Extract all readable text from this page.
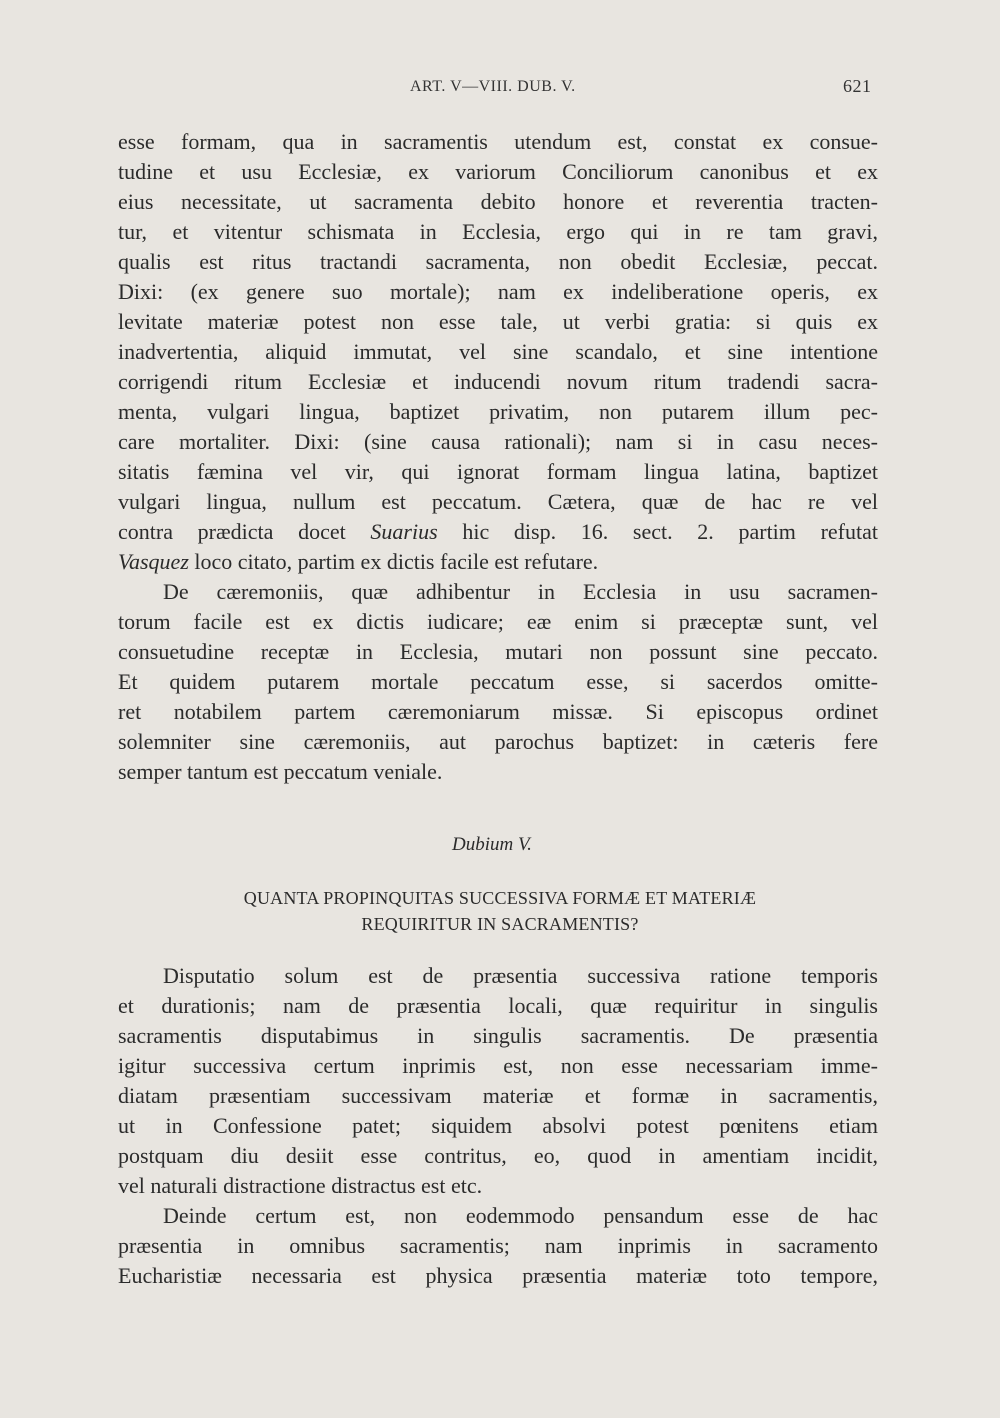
ART. V—VIII. DUB. V.	621
esse formam, qua in sacramentis utendum est, constat ex consue-
tudine et usu Ecclesiæ, ex variorum Conciliorum canonibus et ex
eius necessitate, ut sacramenta debito honore et reverentia tracten-
tur, et vitentur schismata in Ecclesia, ergo qui in re tam gravi,
qualis est ritus tractandi sacramenta, non obedit Ecclesiæ, peccat.
Dixi: (ex genere suo mortale); nam ex indeliberatione operis, ex
levitate materiæ potest non esse tale, ut verbi gratia: si quis ex
inadvertentia, aliquid immutat, vel sine scandalo, et sine intentione
corrigendi ritum Ecclesiæ et inducendi novum ritum tradendi sacra-
menta, vulgari lingua, baptizet privatim, non putarem illum pec-
care mortaliter. Dixi: (sine causa rationali); nam si in casu neces-
sitatis fæmina vel vir, qui ignorat formam lingua latina, baptizet
vulgari lingua, nullum est peccatum. Cætera, quæ de hac re vel
contra prædicta docet Suarius hic disp. 16. sect. 2. partim refutat
Vasquez loco citato, partim ex dictis facile est refutare.
De cæremoniis, quæ adhibentur in Ecclesia in usu sacramen-
torum facile est ex dictis iudicare; eæ enim si præceptæ sunt, vel
consuetudine receptæ in Ecclesia, mutari non possunt sine peccato.
Et quidem putarem mortale peccatum esse, si sacerdos omitte-
ret notabilem partem cæremoniarum missæ. Si episcopus ordinet
solemniter sine cæremoniis, aut parochus baptizet: in cæteris fere
semper tantum est peccatum veniale.
Dubium V.
QUANTA PROPINQUITAS SUCCESSIVA FORMÆ ET MATERIÆ
REQUIRITUR IN SACRAMENTIS?
Disputatio solum est de præsentia successiva ratione temporis
et durationis; nam de præsentia locali, quæ requiritur in singulis
sacramentis disputabimus in singulis sacramentis. De præsentia
igitur successiva certum inprimis est, non esse necessariam imme-
diatam præsentiam successivam materiæ et formæ in sacramentis,
ut in Confessione patet; siquidem absolvi potest pœnitens etiam
postquam diu desiit esse contritus, eo, quod in amentiam incidit,
vel naturali distractione distractus est etc.
Deinde certum est, non eodemmodo pensandum esse de hac
præsentia in omnibus sacramentis; nam inprimis in sacramento
Eucharistiæ necessaria est physica præsentia materiæ toto tempore,
